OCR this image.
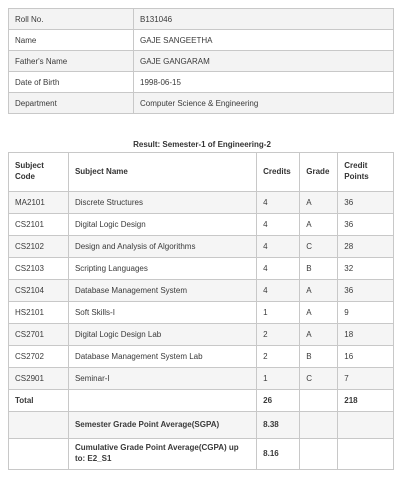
Roll No.	B131046
Name	GAJE SANGEETHA
Father's Name	GAJE GANGARAM
Date of Birth	1998-06-15
Department	Computer Science & Engineering
Result: Semester-1 of Engineering-2
Subject Code	Subject Name	Credits	Grade	Credit Points
MA2101	Discrete Structures	4	A	36
CS2101	Digital Logic Design	4	A	36
CS2102	Design and Analysis of Algorithms	4	C	28
CS2103	Scripting Languages	4	B	32
CS2104	Database Management System	4	A	36
HS2101	Soft Skills-I	1	A	9
CS2701	Digital Logic Design Lab	2	A	18
CS2702	Database Management System Lab	2	B	16
CS2901	Seminar-I	1	C	7
Total		26		218
	Semester Grade Point Average(SGPA)	8.38		
	Cumulative Grade Point Average(CGPA) up to: E2_S1	8.16		
